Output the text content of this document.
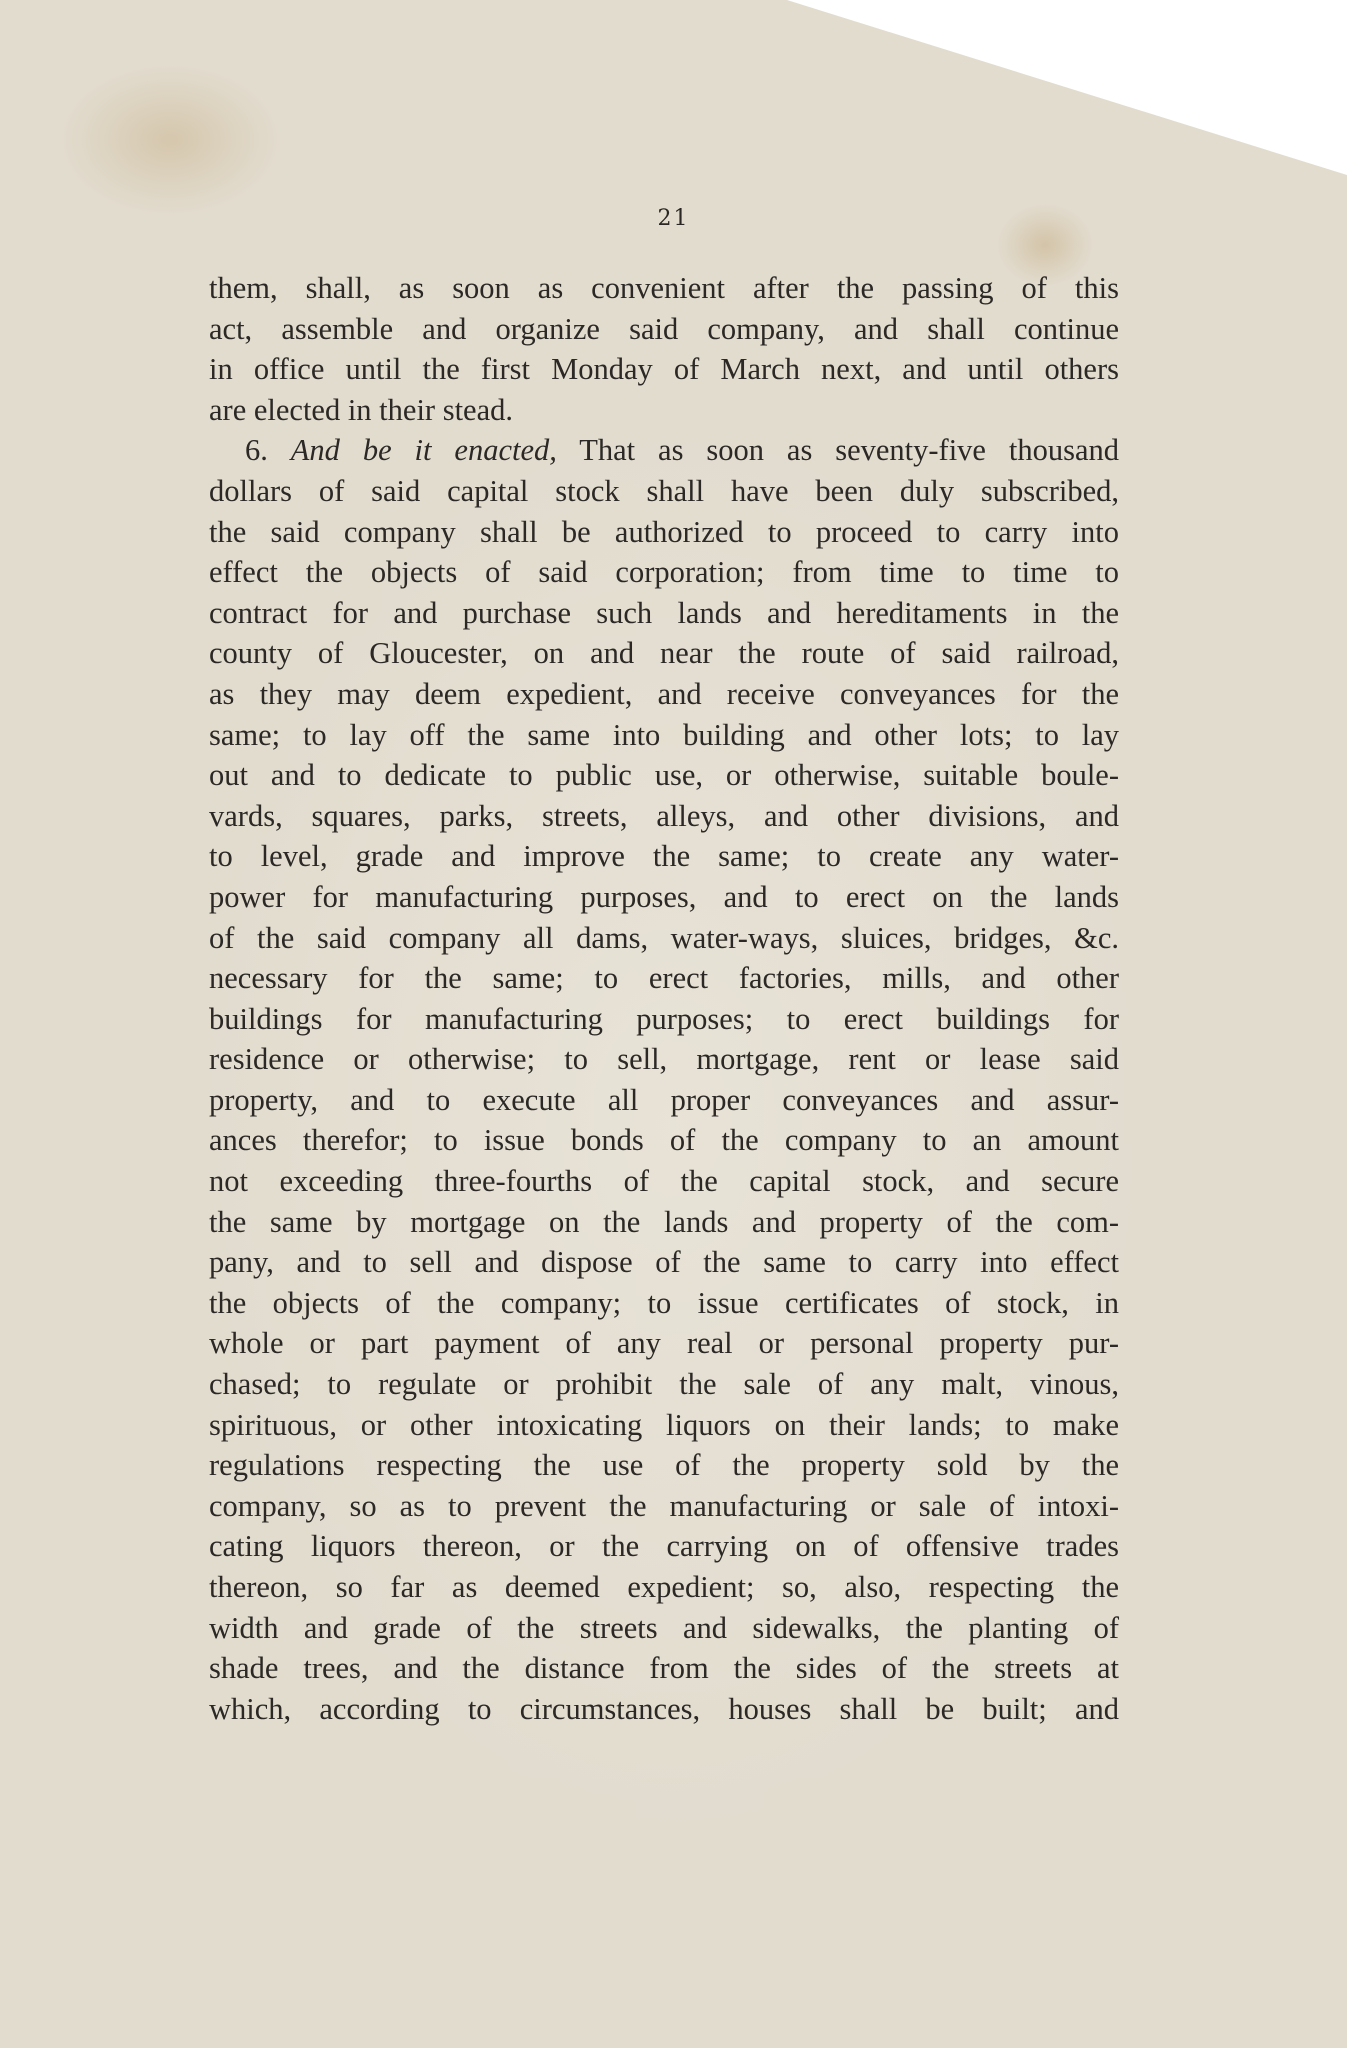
21
them, shall, as soon as convenient after the passing of this
act, assemble and organize said company, and shall continue
in office until the first Monday of March next, and until others
are elected in their stead.
6. And be it enacted, That as soon as seventy-five thousand
dollars of said capital stock shall have been duly subscribed,
the said company shall be authorized to proceed to carry into
effect the objects of said corporation; from time to time to
contract for and purchase such lands and hereditaments in the
county of Gloucester, on and near the route of said railroad,
as they may deem expedient, and receive conveyances for the
same; to lay off the same into building and other lots; to lay
out and to dedicate to public use, or otherwise, suitable boule-
vards, squares, parks, streets, alleys, and other divisions, and
to level, grade and improve the same; to create any water-
power for manufacturing purposes, and to erect on the lands
of the said company all dams, water-ways, sluices, bridges, &c.
necessary for the same; to erect factories, mills, and other
buildings for manufacturing purposes; to erect buildings for
residence or otherwise; to sell, mortgage, rent or lease said
property, and to execute all proper conveyances and assur-
ances therefor; to issue bonds of the company to an amount
not exceeding three-fourths of the capital stock, and secure
the same by mortgage on the lands and property of the com-
pany, and to sell and dispose of the same to carry into effect
the objects of the company; to issue certificates of stock, in
whole or part payment of any real or personal property pur-
chased; to regulate or prohibit the sale of any malt, vinous,
spirituous, or other intoxicating liquors on their lands; to make
regulations respecting the use of the property sold by the
company, so as to prevent the manufacturing or sale of intoxi-
cating liquors thereon, or the carrying on of offensive trades
thereon, so far as deemed expedient; so, also, respecting the
width and grade of the streets and sidewalks, the planting of
shade trees, and the distance from the sides of the streets at
which, according to circumstances, houses shall be built; and
